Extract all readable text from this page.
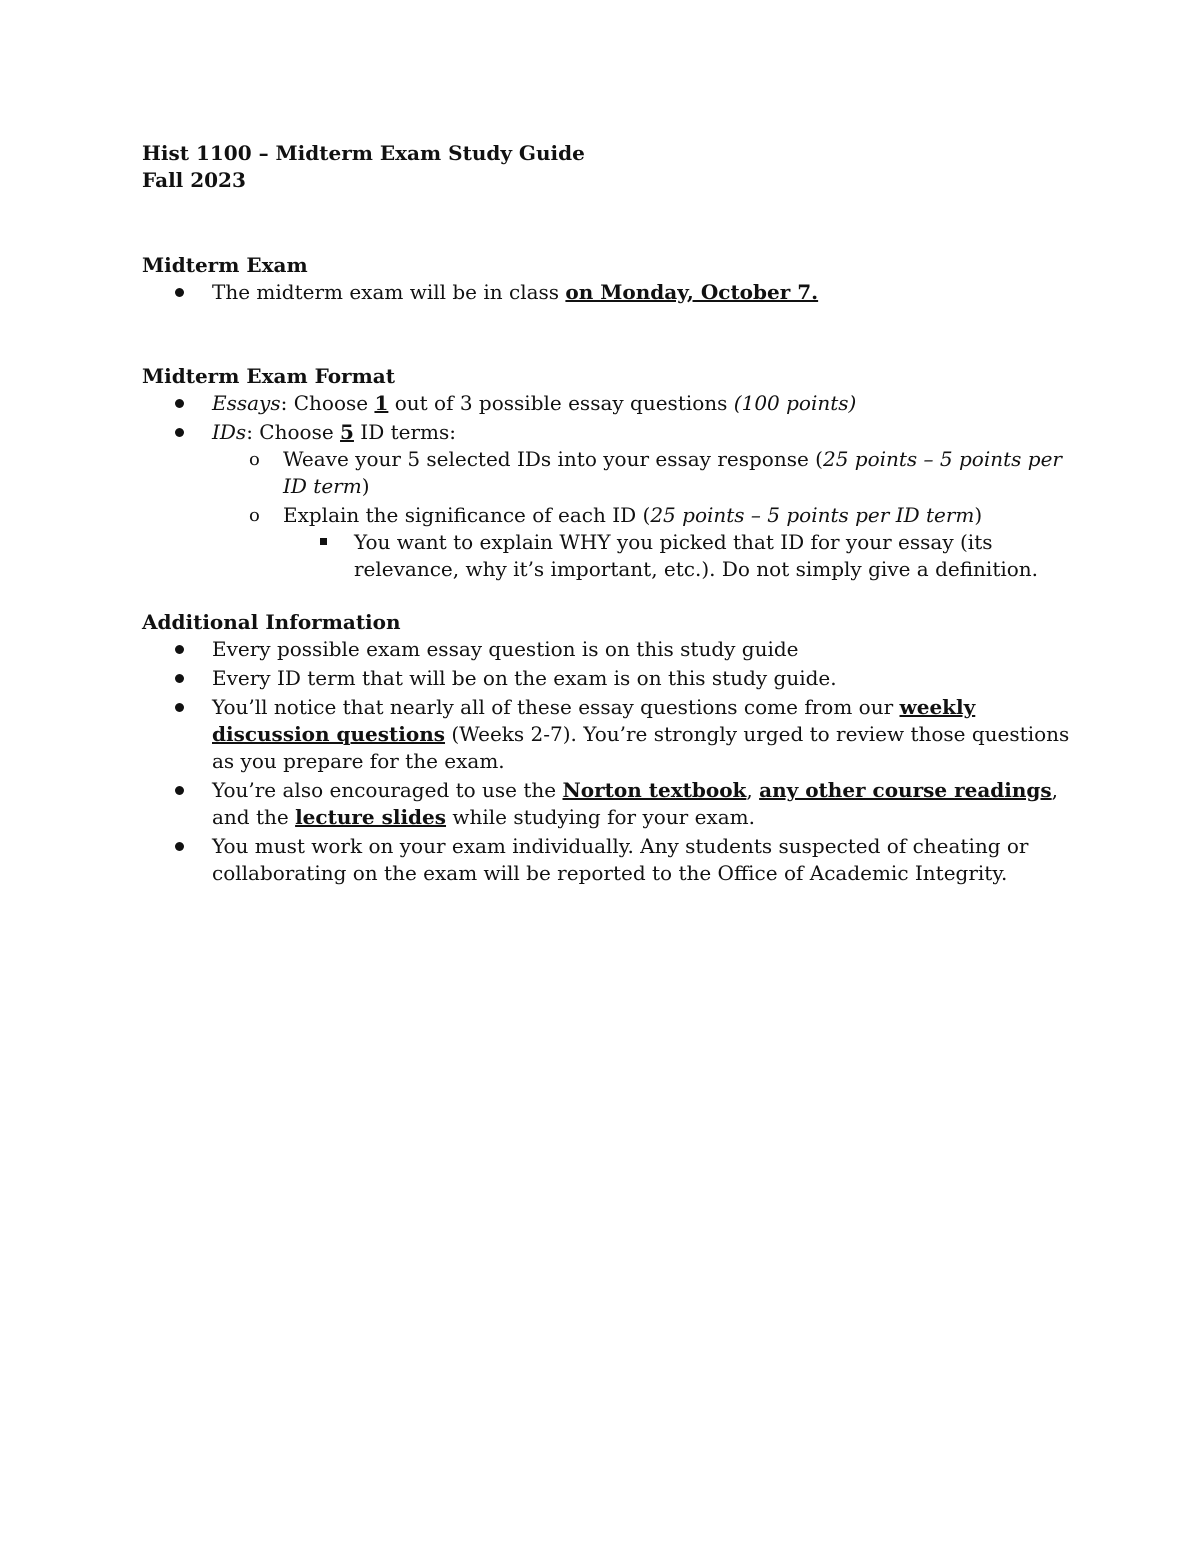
Hist 1100 – Midterm Exam Study Guide
Fall 2023
Midterm Exam
The midterm exam will be in class on Monday, October 7.
Midterm Exam Format
Essays: Choose 1 out of 3 possible essay questions (100 points)
IDs: Choose 5 ID terms:
o Weave your 5 selected IDs into your essay response (25 points – 5 points per ID term)
o Explain the significance of each ID (25 points – 5 points per ID term)
You want to explain WHY you picked that ID for your essay (its relevance, why it’s important, etc.). Do not simply give a definition.
Additional Information
Every possible exam essay question is on this study guide
Every ID term that will be on the exam is on this study guide.
You’ll notice that nearly all of these essay questions come from our weekly discussion questions (Weeks 2-7). You’re strongly urged to review those questions as you prepare for the exam.
You’re also encouraged to use the Norton textbook, any other course readings, and the lecture slides while studying for your exam.
You must work on your exam individually. Any students suspected of cheating or collaborating on the exam will be reported to the Office of Academic Integrity.
